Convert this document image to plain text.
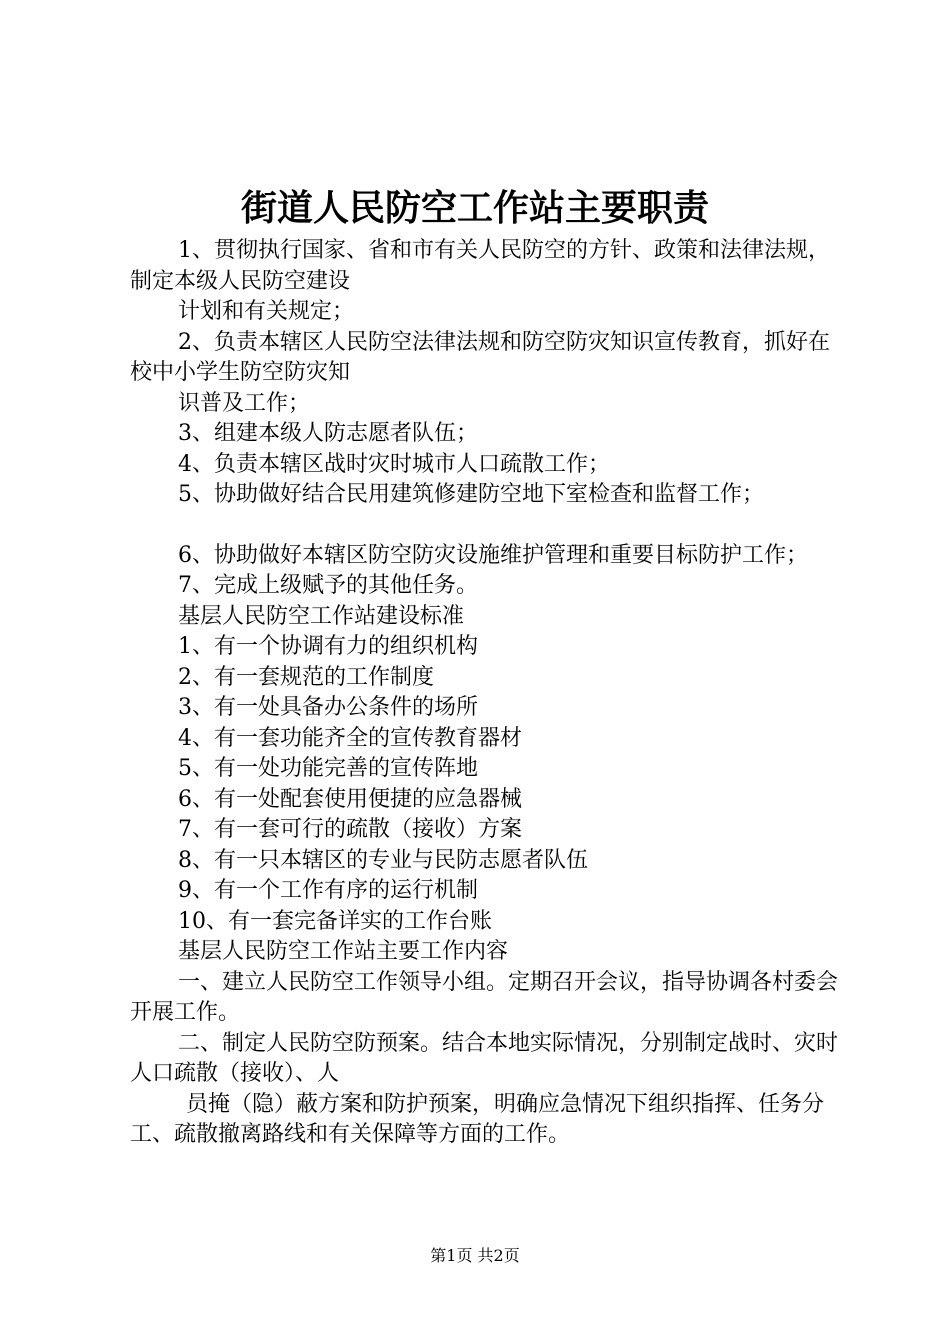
街道人民防空工作站主要职责

1、贯彻执行国家、省和市有关人民防空的方针、政策和法律法规，制定本级人民防空建设

计划和有关规定；

2、负责本辖区人民防空法律法规和防空防灾知识宣传教育，抓好在校中小学生防空防灾知

识普及工作；

3、组建本级人防志愿者队伍；

4、负责本辖区战时灾时城市人口疏散工作；

5、协助做好结合民用建筑修建防空地下室检查和监督工作；

6、协助做好本辖区防空防灾设施维护管理和重要目标防护工作；

7、完成上级赋予的其他任务。

基层人民防空工作站建设标准

1、有一个协调有力的组织机构

2、有一套规范的工作制度

3、有一处具备办公条件的场所

4、有一套功能齐全的宣传教育器材

5、有一处功能完善的宣传阵地

6、有一处配套使用便捷的应急器械

7、有一套可行的疏散（接收）方案

8、有一只本辖区的专业与民防志愿者队伍

9、有一个工作有序的运行机制

10、有一套完备详实的工作台账

基层人民防空工作站主要工作内容

一、建立人民防空工作领导小组。定期召开会议，指导协调各村委会开展工作。

二、制定人民防空防预案。结合本地实际情况，分别制定战时、灾时人口疏散（接收）、人

员掩（隐）蔽方案和防护预案，明确应急情况下组织指挥、任务分工、疏散撤离路线和有关保障等方面的工作。

第1页 共2页
